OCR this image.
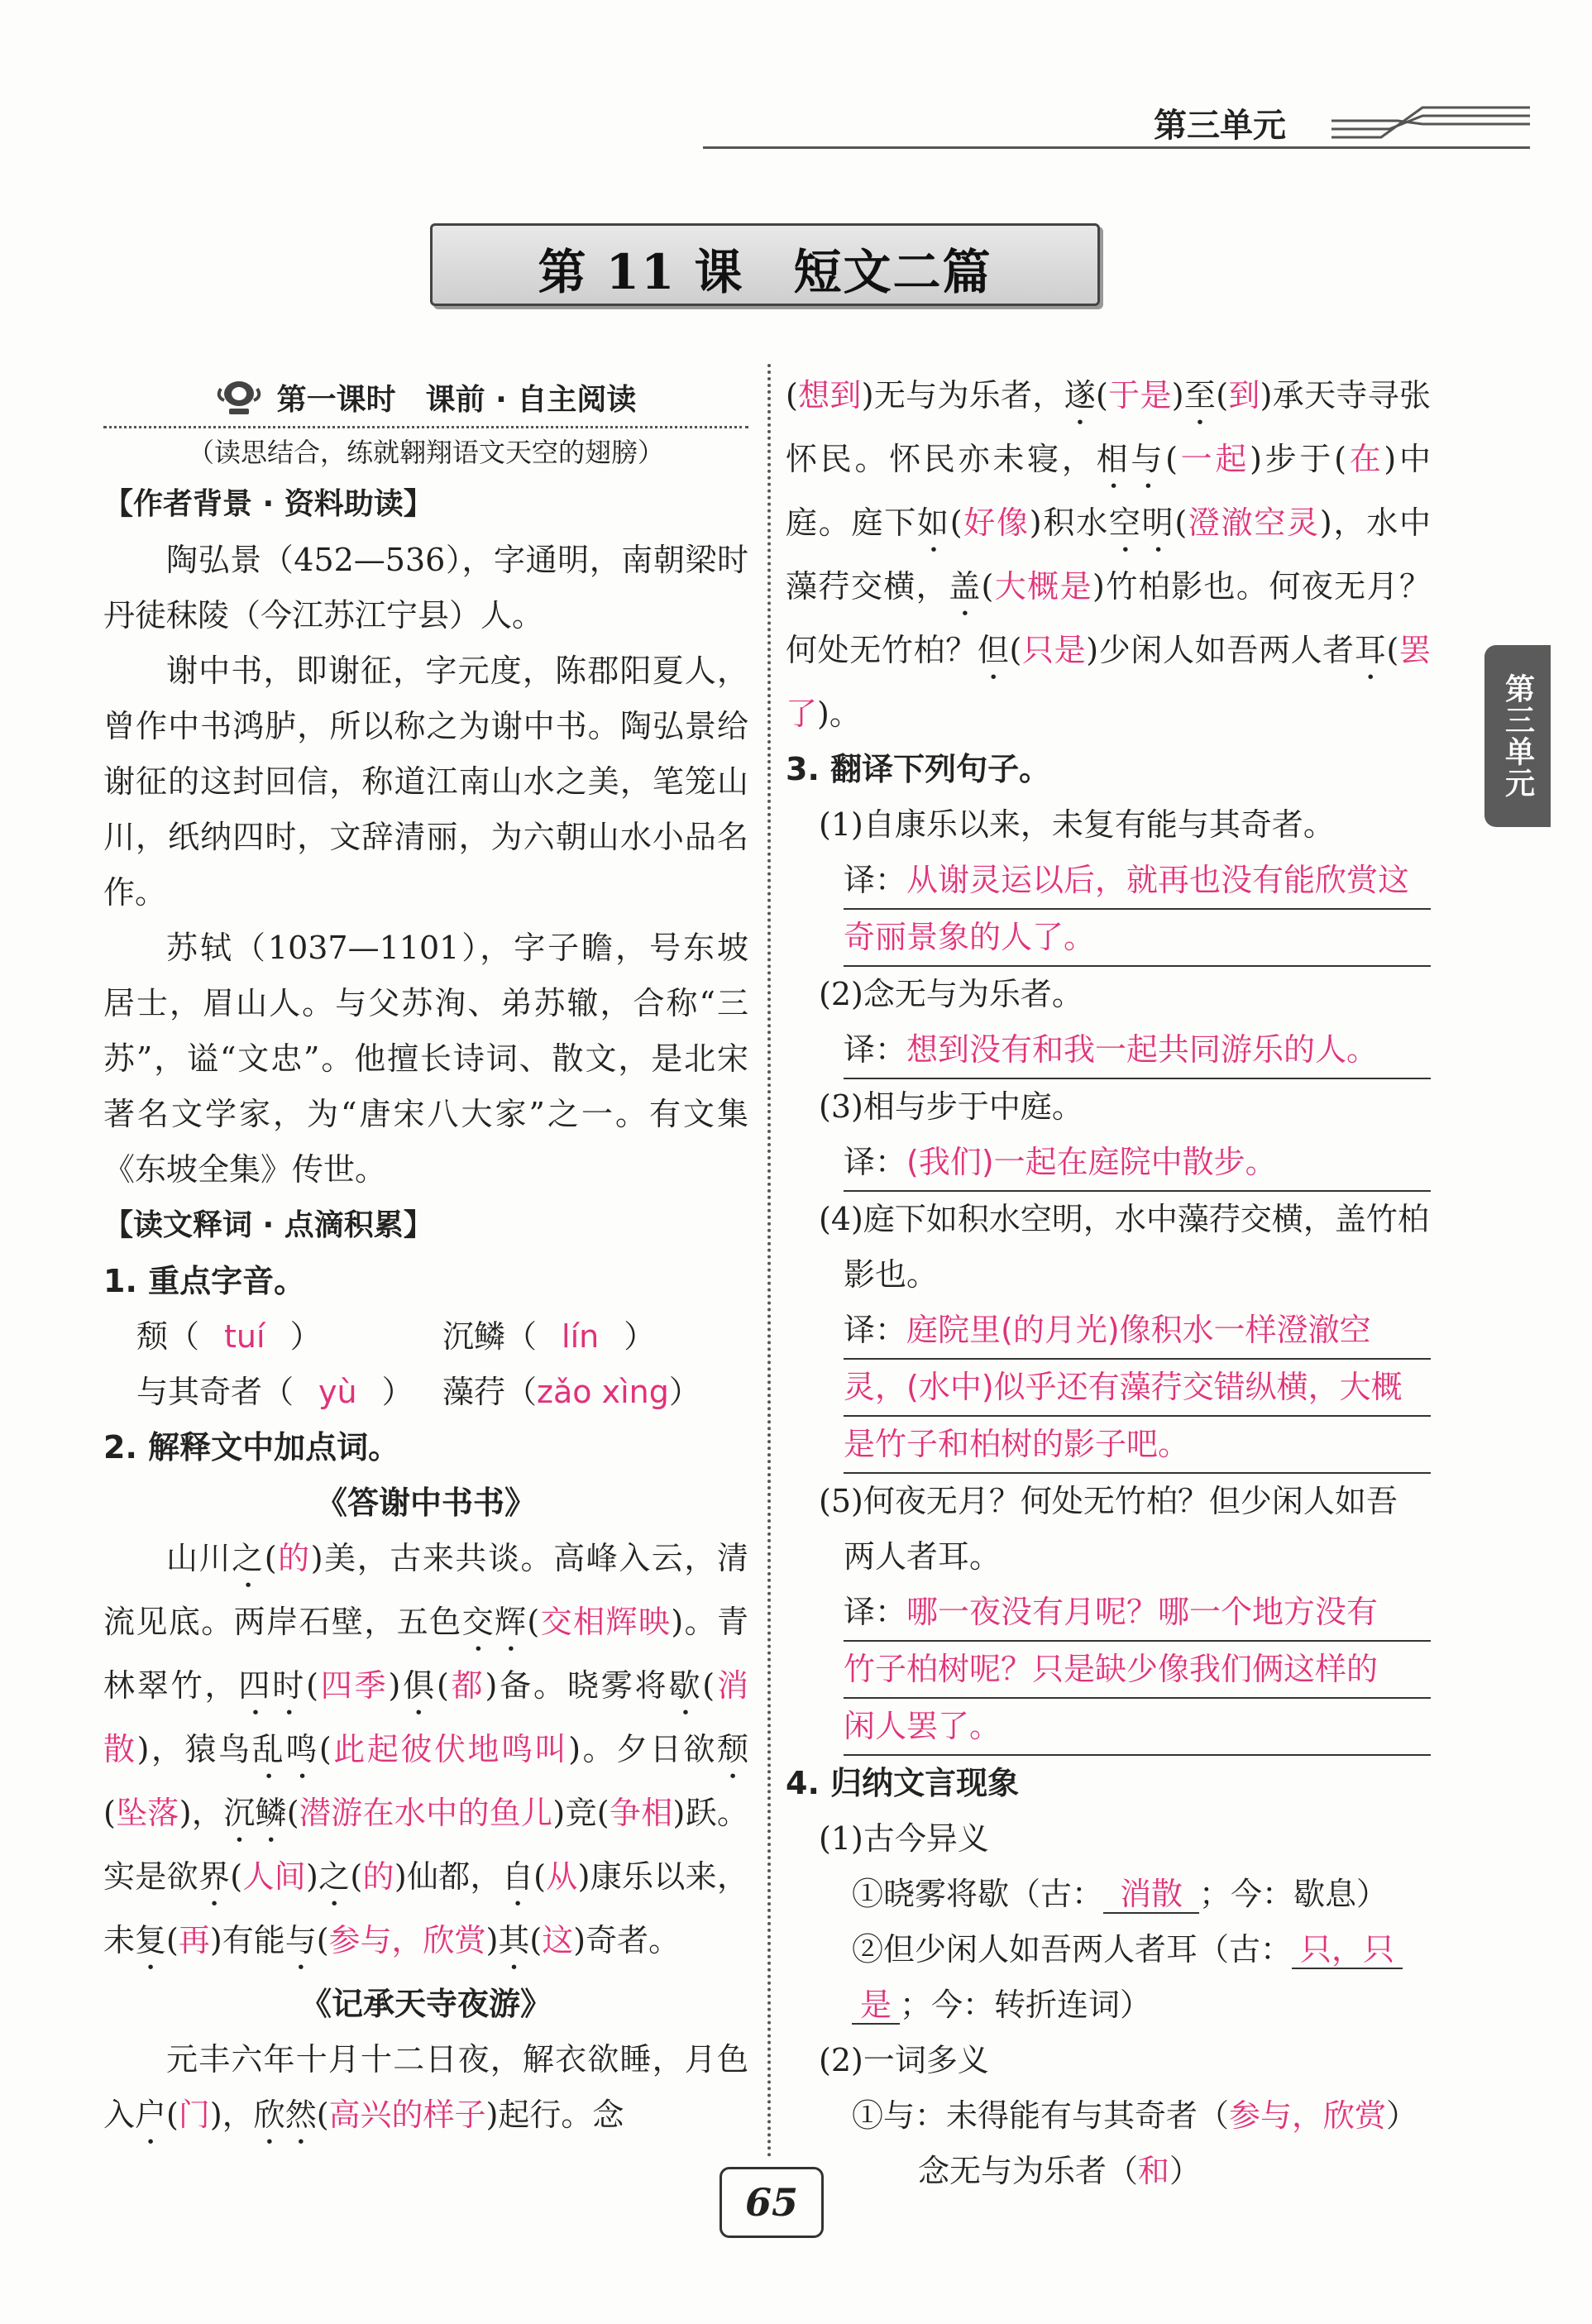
第三单元
第三单元
第 11 课　短文二篇
第一课时　课前 · 自主阅读
（读思结合，练就翱翔语文天空的翅膀）
【作者背景 · 资料助读】

陶弘景（452—536），字通明，南朝梁时丹徒秣陵（今江苏江宁县）人。

谢中书，即谢征，字元度，陈郡阳夏人，曾作中书鸿胪，所以称之为谢中书。陶弘景给谢征的这封回信，称道江南山水之美，笔笼山川，纸纳四时，文辞清丽，为六朝山水小品名作。

苏轼（1037—1101），字子瞻，号东坡居士，眉山人。与父苏洵、弟苏辙，合称“三苏”，谥“文忠”。他擅长诗词、散文，是北宋著名文学家，为“唐宋八大家”之一。有文集《东坡全集》传世。

【读文释词 · 点滴积累】
1. 重点字音。
颓（ tuí ）	沉鳞（ lín ）
与其奇者（ yù ） 藻荇（zǎo xìng）
2. 解释文中加点词。
《答谢中书书》

山川之(的)美，古来共谈。高峰入云，清流见底。两岸石壁，五色交辉(交相辉映)。青林翠竹，四时(四季)俱(都)备。晓雾将歇(消散)，猿鸟乱鸣(此起彼伏地鸣叫)。夕日欲颓(坠落)，沉鳞(潜游在水中的鱼儿)竞(争相)跃。实是欲界(人间)之(的)仙都，自(从)康乐以来，未复(再)有能与(参与，欣赏)其(这)奇者。

《记承天寺夜游》

元丰六年十月十二日夜，解衣欲睡，月色入户(门)，欣然(高兴的样子)起行。念

(想到)无与为乐者，遂(于是)至(到)承天寺寻张怀民。怀民亦未寝，相与(一起)步于(在)中庭。庭下如(好像)积水空明(澄澈空灵)，水中藻荇交横，盖(大概是)竹柏影也。何夜无月？何处无竹柏？但(只是)少闲人如吾两人者耳(罢了)。

3. 翻译下列句子。
(1)自康乐以来，未复有能与其奇者。
译：从谢灵运以后，就再也没有能欣赏这
奇丽景象的人了。
(2)念无与为乐者。
译：想到没有和我一起共同游乐的人。
(3)相与步于中庭。
译：(我们)一起在庭院中散步。
(4)庭下如积水空明，水中藻荇交横，盖竹柏
影也。
译：庭院里(的月光)像积水一样澄澈空
灵，(水中)似乎还有藻荇交错纵横，大概
是竹子和柏树的影子吧。
(5)何夜无月？何处无竹柏？但少闲人如吾
两人者耳。
译：哪一夜没有月呢？哪一个地方没有
竹子柏树呢？只是缺少像我们俩这样的
闲人罢了。
4. 归纳文言现象
(1)古今异义
①晓雾将歇（古： 消散 ；今：歇息）
②但少闲人如吾两人者耳（古： 只，只
是 ；今：转折连词）
(2)一词多义
①与：未得能有与其奇者（参与，欣赏）
念无与为乐者（和）
65
